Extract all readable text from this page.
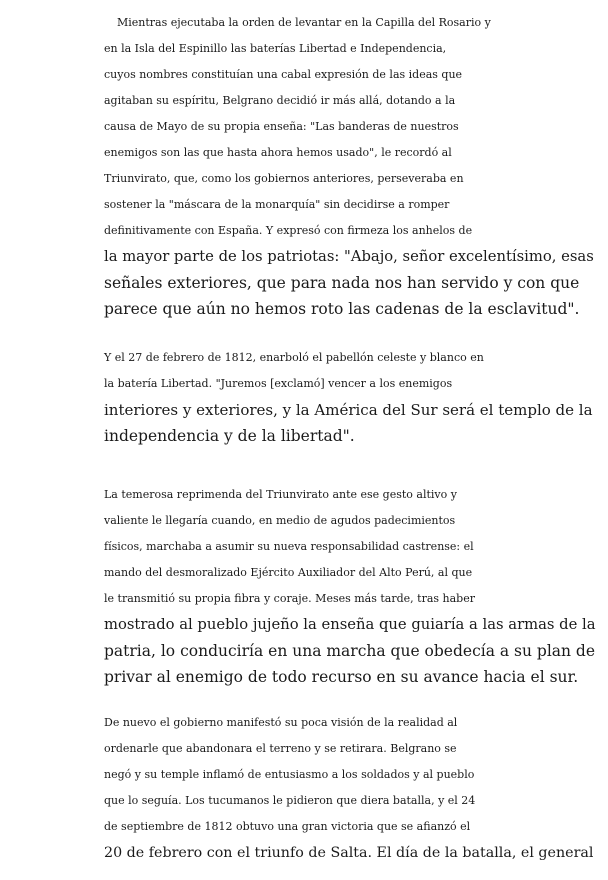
Mientras ejecutaba la orden de levantar en la Capilla del Rosario y
en la Isla del Espinillo las baterías Libertad e Independencia,
cuyos nombres constituían una cabal expresión de las ideas que
agitaban su espíritu, Belgrano decidió ir más allá, dotando a la
causa de Mayo de su propia enseña: "Las banderas de nuestros
enemigos son las que hasta ahora hemos usado", le recordó al
Triunvirato, que, como los gobiernos anteriores, perseveraba en
sostener la "máscara de la monarquía" sin decidirse a romper
definitivamente con España. Y expresó con firmeza los anhelos de
la mayor parte de los patriotas: "Abajo, señor excelentísimo, esas
señales exteriores, que para nada nos han servido y con que
parece que aún no hemos roto las cadenas de la esclavitud".

Y el 27 de febrero de 1812, enarboló el pabellón celeste y blanco en
la batería Libertad. "Juremos [exclamó] vencer a los enemigos
interiores y exteriores, y la América del Sur será el templo de la
independencia y de la libertad".

La temerosa reprimenda del Triunvirato ante ese gesto altivo y
valiente le llegaría cuando, en medio de agudos padecimientos
físicos, marchaba a asumir su nueva responsabilidad castrense: el
mando del desmoralizado Ejército Auxiliador del Alto Perú, al que
le transmitió su propia fibra y coraje. Meses más tarde, tras haber
mostrado al pueblo jujeño la enseña que guiaría a las armas de la
patria, lo conduciría en una marcha que obedecía a su plan de
privar al enemigo de todo recurso en su avance hacia el sur.

De nuevo el gobierno manifestó su poca visión de la realidad al
ordenarle que abandonara el terreno y se retirara. Belgrano se
negó y su temple inflamó de entusiasmo a los soldados y al pueblo
que lo seguía. Los tucumanos le pidieron que diera batalla, y el 24
de septiembre de 1812 obtuvo una gran victoria que se afianzó el
20 de febrero con el triunfo de Salta. El día de la batalla, el general
